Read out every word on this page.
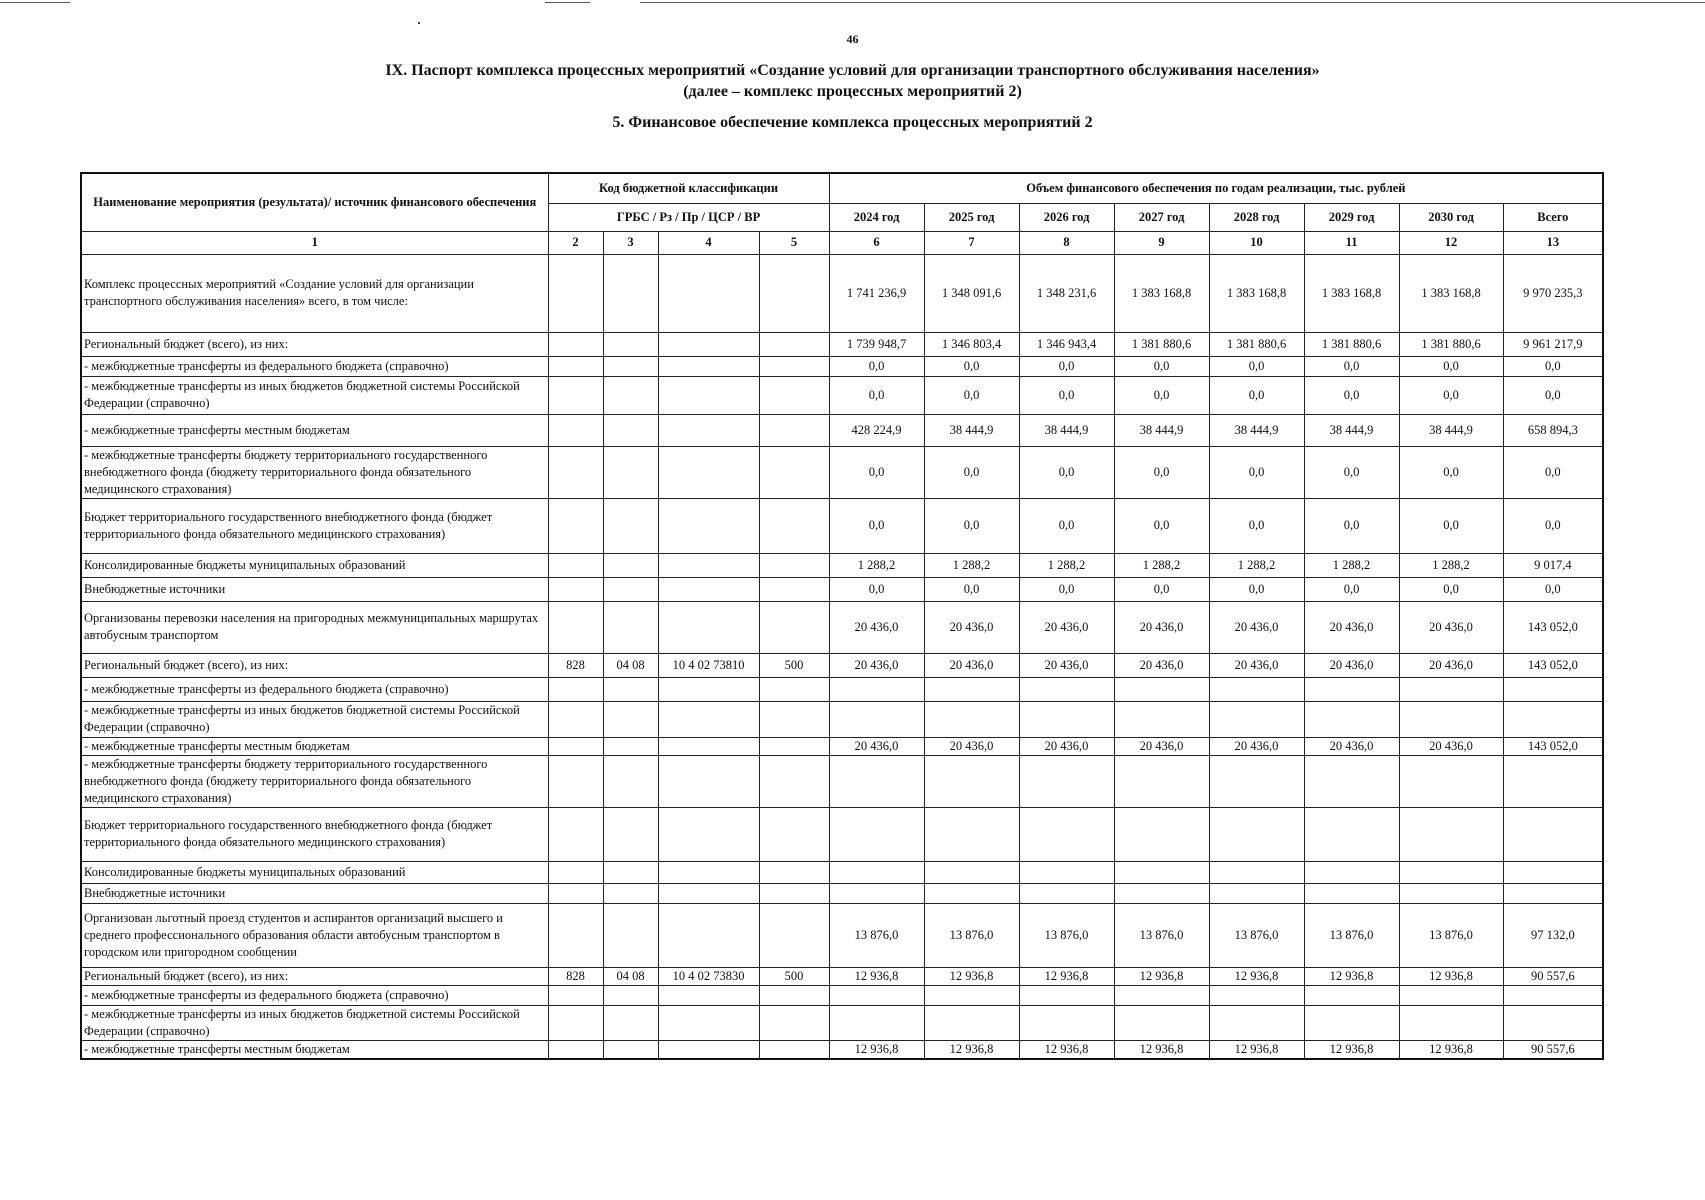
46
IX. Паспорт комплекса процессных мероприятий «Создание условий для организации транспортного обслуживания населения»
(далее – комплекс процессных мероприятий 2)
5. Финансовое обеспечение комплекса процессных мероприятий 2
Наименование мероприятия (результата)/ источник финансового обеспечения	Код бюджетной классификации				Объем финансового обеспечения по годам реализации, тыс. рублей							
	ГРБС / Рз / Пр / ЦСР / ВР				2024 год	2025 год	2026 год	2027 год	2028 год	2029 год	2030 год	Всего
1	2	3	4	5	6	7	8	9	10	11	12	13
Комплекс процессных мероприятий «Создание условий для организации транспортного обслуживания населения» всего, в том числе:					1 741 236,9	1 348 091,6	1 348 231,6	1 383 168,8	1 383 168,8	1 383 168,8	1 383 168,8	9 970 235,3
Региональный бюджет (всего), из них:					1 739 948,7	1 346 803,4	1 346 943,4	1 381 880,6	1 381 880,6	1 381 880,6	1 381 880,6	9 961 217,9
- межбюджетные трансферты из федерального бюджета (справочно)					0,0	0,0	0,0	0,0	0,0	0,0	0,0	0,0
- межбюджетные трансферты из иных бюджетов бюджетной системы Российской Федерации (справочно)					0,0	0,0	0,0	0,0	0,0	0,0	0,0	0,0
- межбюджетные трансферты местным бюджетам					428 224,9	38 444,9	38 444,9	38 444,9	38 444,9	38 444,9	38 444,9	658 894,3
- межбюджетные трансферты бюджету территориального государственного внебюджетного фонда (бюджету территориального фонда обязательного медицинского страхования)					0,0	0,0	0,0	0,0	0,0	0,0	0,0	0,0
Бюджет территориального государственного внебюджетного фонда (бюджет территориального фонда обязательного медицинского страхования)					0,0	0,0	0,0	0,0	0,0	0,0	0,0	0,0
Консолидированные бюджеты муниципальных образований					1 288,2	1 288,2	1 288,2	1 288,2	1 288,2	1 288,2	1 288,2	9 017,4
Внебюджетные источники					0,0	0,0	0,0	0,0	0,0	0,0	0,0	0,0
Организованы перевозки населения на пригородных межмуниципальных маршрутах автобусным транспортом					20 436,0	20 436,0	20 436,0	20 436,0	20 436,0	20 436,0	20 436,0	143 052,0
Региональный бюджет (всего), из них:	828	04 08	10 4 02 73810	500	20 436,0	20 436,0	20 436,0	20 436,0	20 436,0	20 436,0	20 436,0	143 052,0
- межбюджетные трансферты из федерального бюджета (справочно)												
- межбюджетные трансферты из иных бюджетов бюджетной системы Российской Федерации (справочно)												
- межбюджетные трансферты местным бюджетам					20 436,0	20 436,0	20 436,0	20 436,0	20 436,0	20 436,0	20 436,0	143 052,0
- межбюджетные трансферты бюджету территориального государственного внебюджетного фонда (бюджету территориального фонда обязательного медицинского страхования)												
Бюджет территориального государственного внебюджетного фонда (бюджет территориального фонда обязательного медицинского страхования)												
Консолидированные бюджеты муниципальных образований												
Внебюджетные источники												
Организован льготный проезд студентов и аспирантов организаций высшего и среднего профессионального образования области автобусным транспортом в городском или пригородном сообщении					13 876,0	13 876,0	13 876,0	13 876,0	13 876,0	13 876,0	13 876,0	97 132,0
Региональный бюджет (всего), из них:	828	04 08	10 4 02 73830	500	12 936,8	12 936,8	12 936,8	12 936,8	12 936,8	12 936,8	12 936,8	90 557,6
- межбюджетные трансферты из федерального бюджета (справочно)												
- межбюджетные трансферты из иных бюджетов бюджетной системы Российской Федерации (справочно)												
- межбюджетные трансферты местным бюджетам					12 936,8	12 936,8	12 936,8	12 936,8	12 936,8	12 936,8	12 936,8	90 557,6
